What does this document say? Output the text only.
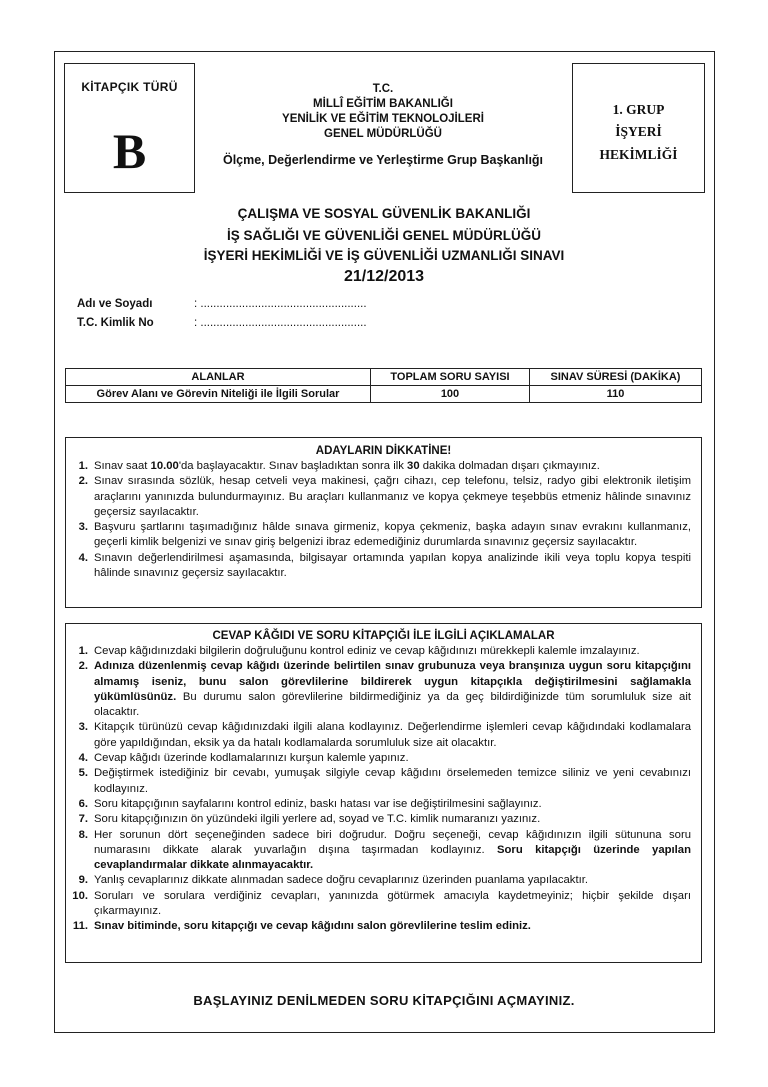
KİTAPÇIK TÜRÜ
B
T.C.
MİLLÎ EĞİTİM BAKANLIĞI
YENİLİK VE EĞİTİM TEKNOLOJİLERİ
GENEL MÜDÜRLÜĞÜ
Ölçme, Değerlendirme ve Yerleştirme Grup Başkanlığı
1. GRUP
İŞYERİ
HEKİMLİĞİ
ÇALIŞMA VE SOSYAL GÜVENLİK BAKANLIĞI
İŞ SAĞLIĞI VE GÜVENLİĞİ GENEL MÜDÜRLÜĞÜ
İŞYERİ HEKİMLİĞİ VE İŞ GÜVENLİĞİ UZMANLIĞI SINAVI
21/12/2013
Adı ve Soyadı	: ....................................................
T.C. Kimlik No	: ....................................................
ALANLAR	TOPLAM SORU SAYISI	SINAV SÜRESİ (DAKİKA)
Görev Alanı ve Görevin Niteliği ile İlgili Sorular	100	110
ADAYLARIN DİKKATİNE!
1. Sınav saat 10.00'da başlayacaktır. Sınav başladıktan sonra ilk 30 dakika dolmadan dışarı çıkmayınız.
2. Sınav sırasında sözlük, hesap cetveli veya makinesi, çağrı cihazı, cep telefonu, telsiz, radyo gibi elektronik iletişim araçlarını yanınızda bulundurmayınız. Bu araçları kullanmanız ve kopya çekmeye teşebbüs etmeniz hâlinde sınavınız geçersiz sayılacaktır.
3. Başvuru şartlarını taşımadığınız hâlde sınava girmeniz, kopya çekmeniz, başka adayın sınav evrakını kullanmanız, geçerli kimlik belgenizi ve sınav giriş belgenizi ibraz edemediğiniz durumlarda sınavınız geçersiz sayılacaktır.
4. Sınavın değerlendirilmesi aşamasında, bilgisayar ortamında yapılan kopya analizinde ikili veya toplu kopya tespiti hâlinde sınavınız geçersiz sayılacaktır.
CEVAP KÂĞIDI VE SORU KİTAPÇIĞI İLE İLGİLİ AÇIKLAMALAR
1. Cevap kâğıdınızdaki bilgilerin doğruluğunu kontrol ediniz ve cevap kâğıdınızı mürekkepli kalemle imzalayınız.
2. Adınıza düzenlenmiş cevap kâğıdı üzerinde belirtilen sınav grubunuza veya branşınıza uygun soru kitapçığını almamış iseniz, bunu salon görevlilerine bildirerek uygun kitapçıkla değiştirilmesini sağlamakla yükümlüsünüz. Bu durumu salon görevlilerine bildirmediğiniz ya da geç bildirdiğinizde tüm sorumluluk size ait olacaktır.
3. Kitapçık türünüzü cevap kâğıdınızdaki ilgili alana kodlayınız. Değerlendirme işlemleri cevap kâğıdındaki kodlamalara göre yapıldığından, eksik ya da hatalı kodlamalarda sorumluluk size ait olacaktır.
4. Cevap kâğıdı üzerinde kodlamalarınızı kurşun kalemle yapınız.
5. Değiştirmek istediğiniz bir cevabı, yumuşak silgiyle cevap kâğıdını örselemeden temizce siliniz ve yeni cevabınızı kodlayınız.
6. Soru kitapçığının sayfalarını kontrol ediniz, baskı hatası var ise değiştirilmesini sağlayınız.
7. Soru kitapçığınızın ön yüzündeki ilgili yerlere ad, soyad ve T.C. kimlik numaranızı yazınız.
8. Her sorunun dört seçeneğinden sadece biri doğrudur. Doğru seçeneği, cevap kâğıdınızın ilgili sütununa soru numarasını dikkate alarak yuvarlağın dışına taşırmadan kodlayınız. Soru kitapçığı üzerinde yapılan cevaplandırmalar dikkate alınmayacaktır.
9. Yanlış cevaplarınız dikkate alınmadan sadece doğru cevaplarınız üzerinden puanlama yapılacaktır.
10. Soruları ve sorulara verdiğiniz cevapları, yanınızda götürmek amacıyla kaydetmeyiniz; hiçbir şekilde dışarı çıkarmayınız.
11. Sınav bitiminde, soru kitapçığı ve cevap kâğıdını salon görevlilerine teslim ediniz.
BAŞLAYINIZ DENİLMEDEN SORU KİTAPÇIĞINI AÇMAYINIZ.
